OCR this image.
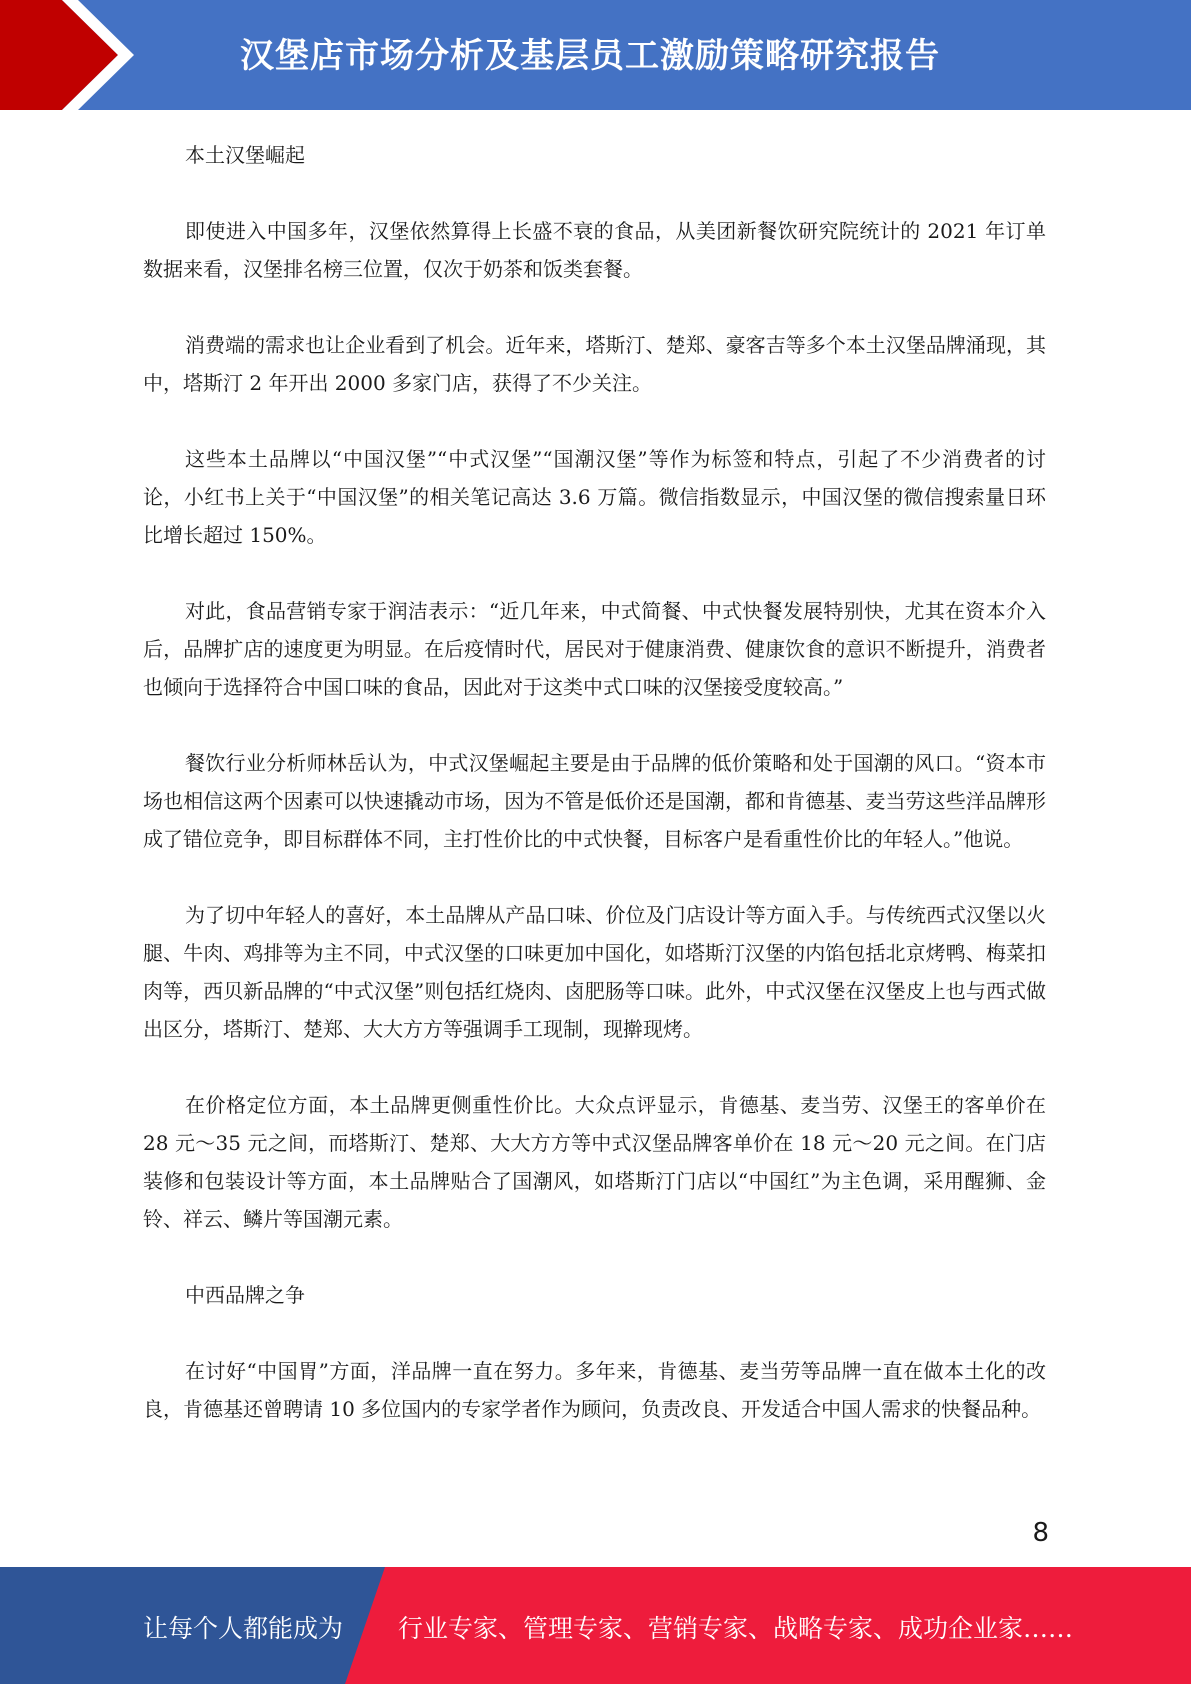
汉堡店市场分析及基层员工激励策略研究报告

本土汉堡崛起

即使进入中国多年，汉堡依然算得上长盛不衰的食品，从美团新餐饮研究院统计的 2021 年订单数据来看，汉堡排名榜三位置，仅次于奶茶和饭类套餐。

消费端的需求也让企业看到了机会。近年来，塔斯汀、楚郑、豪客吉等多个本土汉堡品牌涌现，其中，塔斯汀 2 年开出 2000 多家门店，获得了不少关注。

这些本土品牌以“中国汉堡”“中式汉堡”“国潮汉堡”等作为标签和特点，引起了不少消费者的讨论，小红书上关于“中国汉堡”的相关笔记高达 3.6 万篇。微信指数显示，中国汉堡的微信搜索量日环比增长超过 150%。

对此，食品营销专家于润洁表示：“近几年来，中式简餐、中式快餐发展特别快，尤其在资本介入后，品牌扩店的速度更为明显。在后疫情时代，居民对于健康消费、健康饮食的意识不断提升，消费者也倾向于选择符合中国口味的食品，因此对于这类中式口味的汉堡接受度较高。”

餐饮行业分析师林岳认为，中式汉堡崛起主要是由于品牌的低价策略和处于国潮的风口。“资本市场也相信这两个因素可以快速撬动市场，因为不管是低价还是国潮，都和肯德基、麦当劳这些洋品牌形成了错位竞争，即目标群体不同，主打性价比的中式快餐，目标客户是看重性价比的年轻人。”他说。

为了切中年轻人的喜好，本土品牌从产品口味、价位及门店设计等方面入手。与传统西式汉堡以火腿、牛肉、鸡排等为主不同，中式汉堡的口味更加中国化，如塔斯汀汉堡的内馅包括北京烤鸭、梅菜扣肉等，西贝新品牌的“中式汉堡”则包括红烧肉、卤肥肠等口味。此外，中式汉堡在汉堡皮上也与西式做出区分，塔斯汀、楚郑、大大方方等强调手工现制，现擀现烤。

在价格定位方面，本土品牌更侧重性价比。大众点评显示，肯德基、麦当劳、汉堡王的客单价在 28 元～35 元之间，而塔斯汀、楚郑、大大方方等中式汉堡品牌客单价在 18 元～20 元之间。在门店装修和包装设计等方面，本土品牌贴合了国潮风，如塔斯汀门店以“中国红”为主色调，采用醒狮、金铃、祥云、鳞片等国潮元素。

中西品牌之争

在讨好“中国胃”方面，洋品牌一直在努力。多年来，肯德基、麦当劳等品牌一直在做本土化的改良，肯德基还曾聘请 10 多位国内的专家学者作为顾问，负责改良、开发适合中国人需求的快餐品种。

8
让每个人都能成为 行业专家、管理专家、营销专家、战略专家、成功企业家……
